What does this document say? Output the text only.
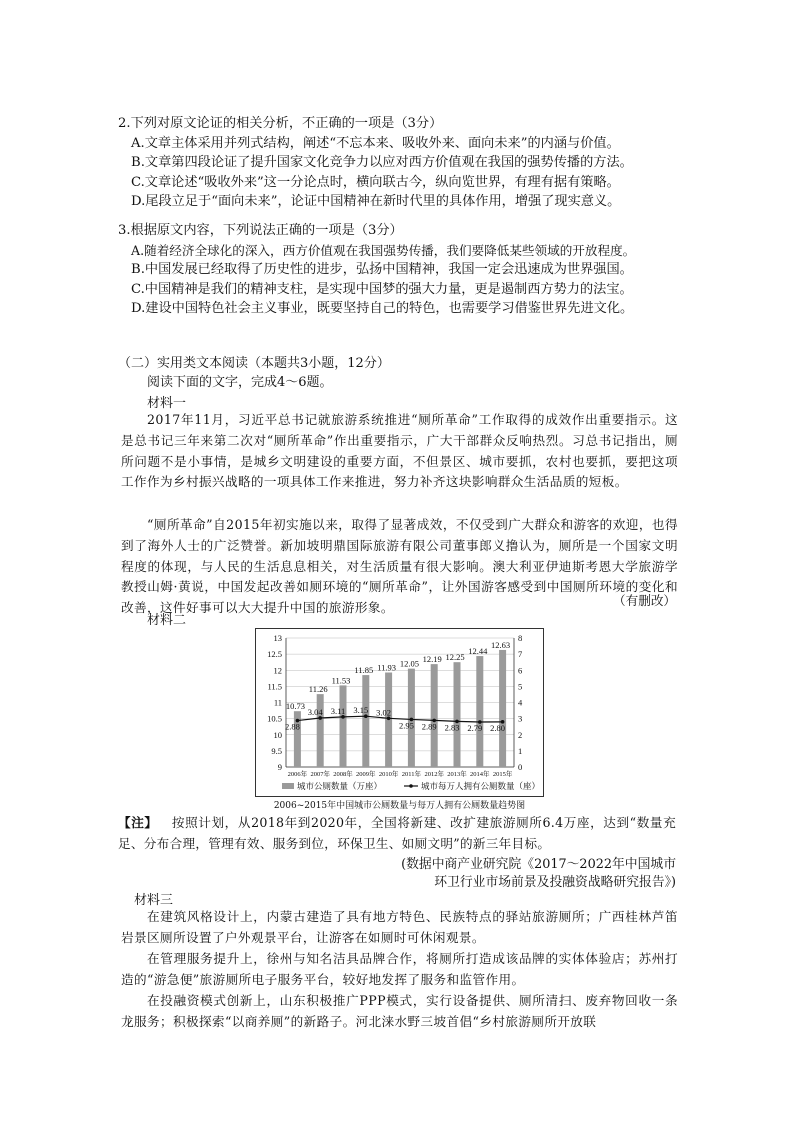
2.下列对原文论证的相关分析，不正确的一项是（3分）
A.文章主体采用并列式结构，阐述“不忘本来、吸收外来、面向未来”的内涵与价值。
B.文章第四段论证了提升国家文化竞争力以应对西方价值观在我国的强势传播的方法。
C.文章论述“吸收外来”这一分论点时，横向联古今，纵向览世界，有理有据有策略。
D.尾段立足于“面向未来”，论证中国精神在新时代里的具体作用，增强了现实意义。
3.根据原文内容，下列说法正确的一项是（3分）
A.随着经济全球化的深入，西方价值观在我国强势传播，我们要降低某些领域的开放程度。
B.中国发展已经取得了历史性的进步，弘扬中国精神，我国一定会迅速成为世界强国。
C.中国精神是我们的精神支柱，是实现中国梦的强大力量，更是遏制西方势力的法宝。
D.建设中国特色社会主义事业，既要坚持自己的特色，也需要学习借鉴世界先进文化。
（二）实用类文本阅读（本题共3小题，12分）
阅读下面的文字，完成4～6题。
材料一
2017年11月，习近平总书记就旅游系统推进“厕所革命”工作取得的成效作出重要指示。这是总书记三年来第二次对“厕所革命”作出重要指示，广大干部群众反响热烈。习总书记指出，厕所问题不是小事情，是城乡文明建设的重要方面，不但景区、城市要抓，农村也要抓，要把这项工作作为乡村振兴战略的一项具体工作来推进，努力补齐这块影响群众生活品质的短板。
“厕所革命”自2015年初实施以来，取得了显著成效，不仅受到广大群众和游客的欢迎，也得到了海外人士的广泛赞誉。新加坡明鼎国际旅游有限公司董事郎义撸认为，厕所是一个国家文明程度的体现，与人民的生活息息相关，对生活质量有很大影响。澳大利亚伊迪斯考恩大学旅游学教授山姆·黄说，中国发起改善如厕环境的“厕所革命”，让外国游客感受到中国厕所环境的变化和改善，这件好事可以大大提升中国的旅游形象。	（有删改）
材料二
9
9.5
10
10.5
11
11.5
12
12.5
13
0
1
2
3
4
5
6
7
8
10.73
11.26
11.53
11.85 11.93 12.05 12.19 12.25
12.44
12.63
2.88
3.04 3.11 3.15 3.02
2.95 2.89 2.83 2.79 2.80
2006年 2007年 2008年 2009年 2010年 2011年 2012年 2013年 2014年 2015年
城市公厕数量（万座）	城市每万人拥有公厕数量（座）
2006~2015年中国城市公厕数量与每万人拥有公厕数量趋势图
【注】 按照计划，从2018年到2020年，全国将新建、改扩建旅游厕所6.4万座，达到“数量充足、分布合理，管理有效、服务到位，环保卫生、如厕文明”的新三年目标。
(数据中商产业研究院《2017～2022年中国城市
环卫行业市场前景及投融资战略研究报告》)
材料三
在建筑风格设计上，内蒙古建造了具有地方特色、民族特点的驿站旅游厕所；广西桂林芦笛岩景区厕所设置了户外观景平台，让游客在如厕时可休闲观景。
在管理服务提升上，徐州与知名洁具品牌合作，将厕所打造成该品牌的实体体验店；苏州打造的“游急便”旅游厕所电子服务平台，较好地发挥了服务和监管作用。
在投融资模式创新上，山东积极推广PPP模式，实行设备提供、厕所清扫、废弃物回收一条龙服务；积极探索“以商养厕”的新路子。河北涞水野三坡首倡“乡村旅游厕所开放联
